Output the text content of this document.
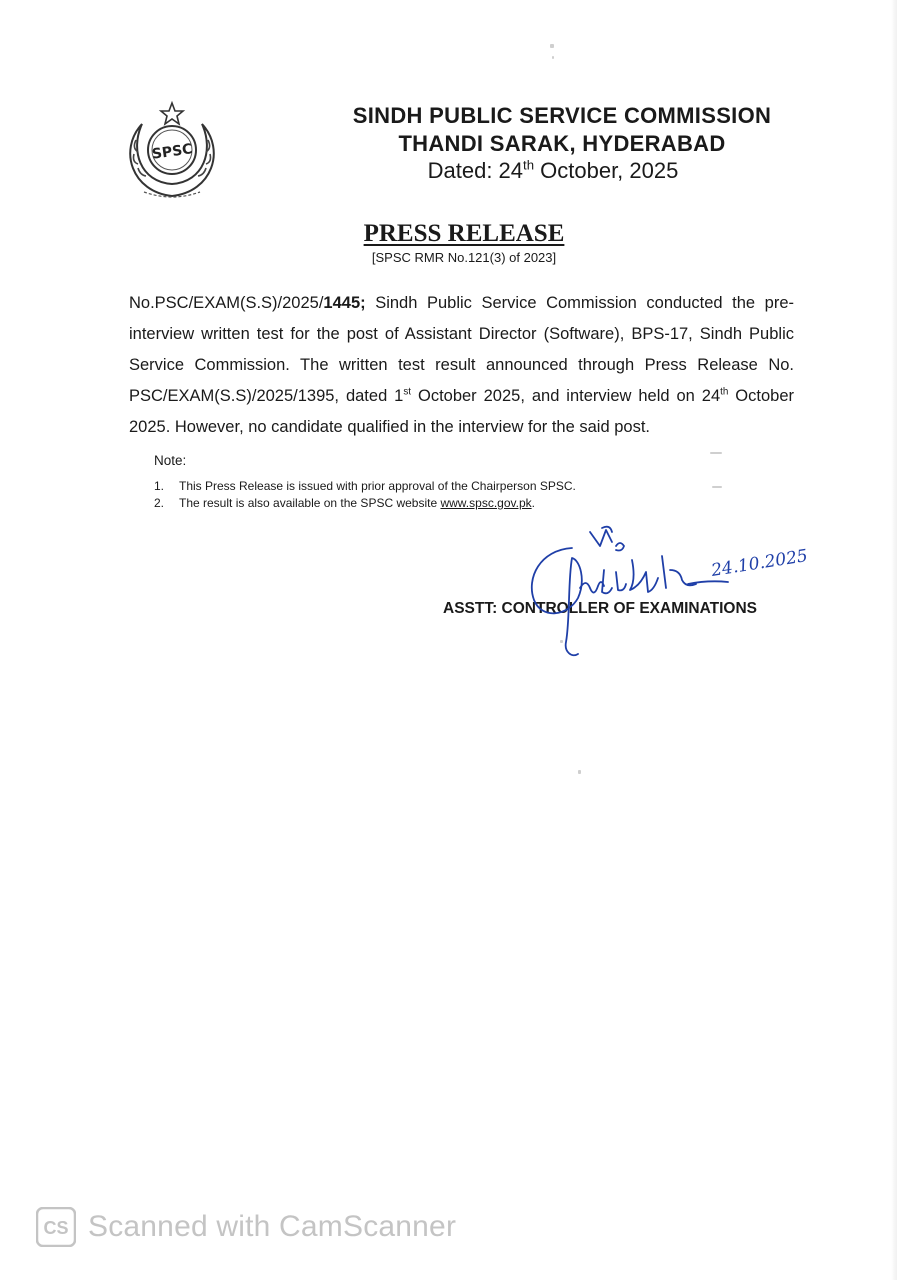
SPSC
SINDH PUBLIC SERVICE COMMISSION
THANDI SARAK, HYDERABAD
Dated: 24th October, 2025
PRESS RELEASE
[SPSC RMR No.121(3) of 2023]
No.PSC/EXAM(S.S)/2025/1445; Sindh Public Service Commission conducted the pre-interview written test for the post of Assistant Director (Software), BPS-17, Sindh Public Service Commission. The written test result announced through Press Release No. PSC/EXAM(S.S)/2025/1395, dated 1st October 2025, and interview held on 24th October 2025. However, no candidate qualified in the interview for the said post.
Note:
1.	This Press Release is issued with prior approval of the Chairperson SPSC.
2.	The result is also available on the SPSC website www.spsc.gov.pk.
ASSTT: CONTROLLER OF EXAMINATIONS
24.10.2025
CS Scanned with CamScanner
